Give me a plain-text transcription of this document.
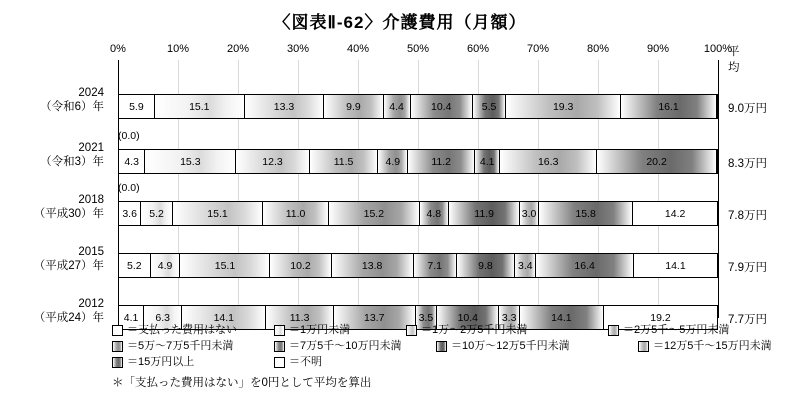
〈図表Ⅱ-62〉介護費用（月額）
0%	10%	20%	30%	40%	50%	60%	70%	80%	90%	100%
平均
2024
（令和6）年 5.9	15.1	13.3	9.9	4.4	10.4	5.5	19.3	16.1	9.0万円
2021
（令和3）年
(0.0)
4.3	15.3	12.3	11.5	4.9	11.2	4.1	16.3	20.2	8.3万円
2018
（平成30）年
(0.0)
3.6 5.2	15.1	11.0	15.2	4.8	11.9	3.0	15.8	14.2	7.8万円
2015
（平成27）年 5.2 4.9	15.1	10.2	13.8	7.1	9.8 3.4	16.4	14.1	7.9万円
2012
（平成24）年 4.1 6.3	14.1	11.3	13.7	3.5 10.4 3.3	14.1	19.2	7.7万円
＝支払った費用はない	＝1万円未満	＝1万～2万5千円未満	＝2万5千～5万円未満
＝5万～7万5千円未満	＝7万5千～10万円未満	＝10万～12万5千円未満	＝12万5千～15万円未満
＝15万円以上	＝不明
＊「支払った費用はない」を0円として平均を算出
